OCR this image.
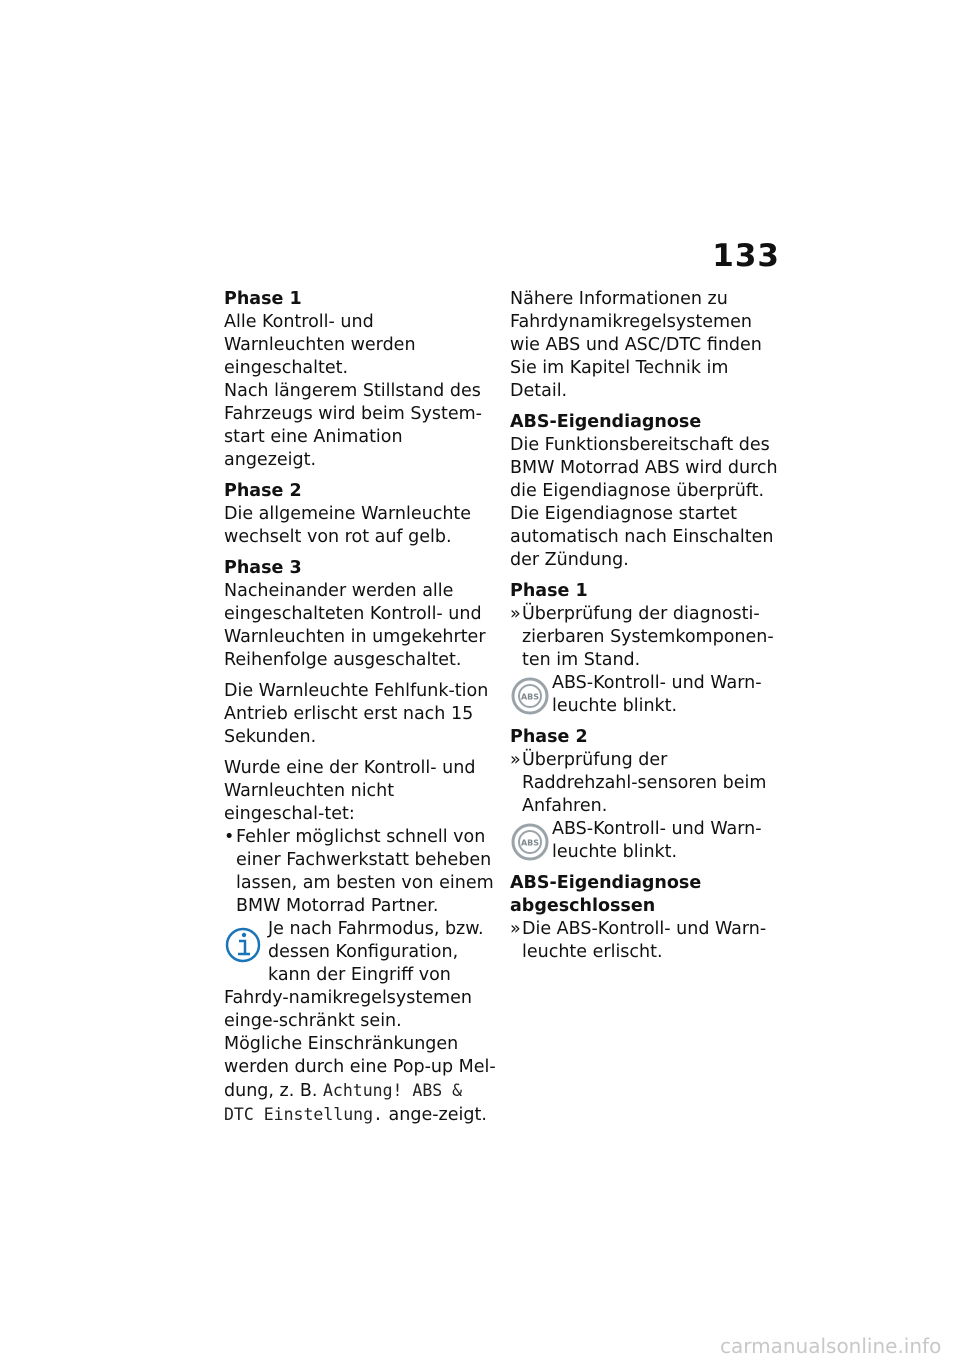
133

Phase 1

Alle Kontroll- und Warnleuchten werden eingeschaltet.

Nach längerem Stillstand des Fahrzeugs wird beim System-start eine Animation angezeigt.

Phase 2

Die allgemeine Warnleuchte wechselt von rot auf gelb.

Phase 3

Nacheinander werden alle eingeschalteten Kontroll- und Warnleuchten in umgekehrter Reihenfolge ausgeschaltet.

Die Warnleuchte Fehlfunk-tion Antrieb erlischt erst nach 15 Sekunden.

Wurde eine der Kontroll- und Warnleuchten nicht eingeschal-tet:

• Fehler möglichst schnell von einer Fachwerkstatt beheben lassen, am besten von einem BMW Motorrad Partner.
Je nach Fahrmodus, bzw. dessen Konfiguration, kann der Eingriff von Fahrdy-namikregelsystemen einge-schränkt sein.

Mögliche Einschränkungen werden durch eine Pop-up Mel-dung, z. B. Achtung! ABS & DTC Einstellung. ange-zeigt.

Nähere Informationen zu Fahrdynamikregelsystemen wie ABS und ASC/DTC finden Sie im Kapitel Technik im Detail.

ABS-Eigendiagnose

Die Funktionsbereitschaft des BMW Motorrad ABS wird durch die Eigendiagnose überprüft. Die Eigendiagnose startet automatisch nach Einschalten der Zündung.

Phase 1

» Überprüfung der diagnosti-zierbaren Systemkomponen-ten im Stand.
ABS
ABS-Kontroll- und Warn-leuchte blinkt.

Phase 2

» Überprüfung der Raddrehzahl-sensoren beim Anfahren.
ABS
ABS-Kontroll- und Warn-leuchte blinkt.

ABS-Eigendiagnose abgeschlossen

» Die ABS-Kontroll- und Warn-leuchte erlischt.
carmanualsonline.info
